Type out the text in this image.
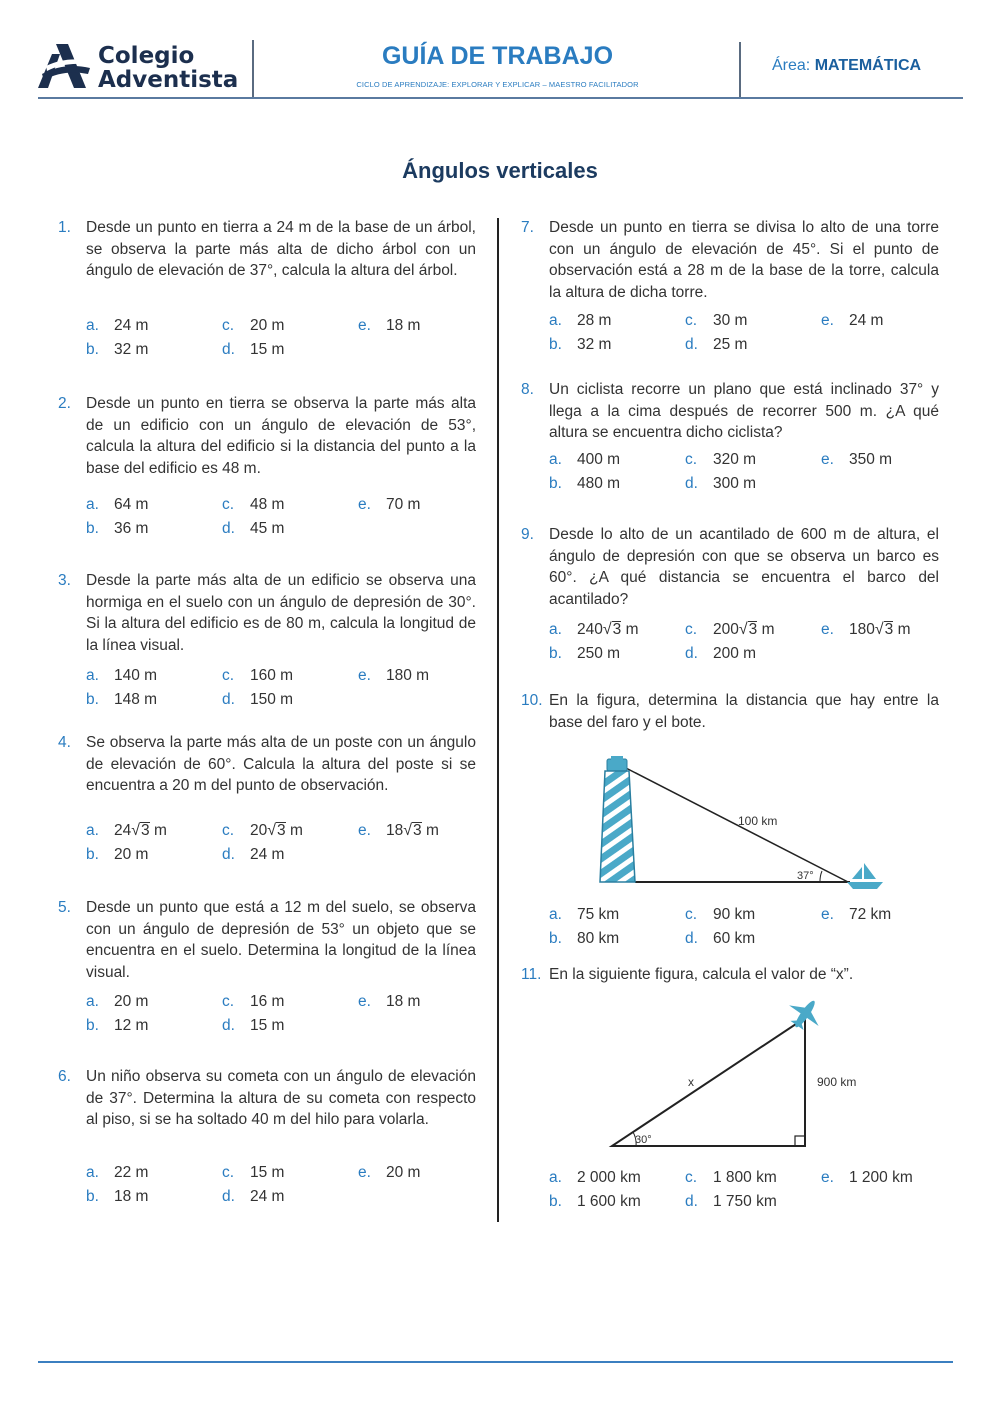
Colegio
Adventista
GUÍA DE TRABAJO
CICLO DE APRENDIZAJE: EXPLORAR Y EXPLICAR – MAESTRO FACILITADOR
Área: MATEMÁTICA
Ángulos verticales
1. Desde un punto en tierra a 24 m de la base de un árbol, se observa la parte más alta de dicho árbol con un ángulo de elevación de 37°, calcula la altura del árbol.
a. 24 m
b. 32 m
c. 20 m
d. 15 m
e. 18 m
2. Desde un punto en tierra se observa la parte más alta de un edificio con un ángulo de elevación de 53°, calcula la altura del edificio si la distancia del punto a la base del edificio es 48 m.
a. 64 m
b. 36 m
c. 48 m
d. 45 m
e. 70 m
3. Desde la parte más alta de un edificio se observa una hormiga en el suelo con un ángulo de depresión de 30°. Si la altura del edificio es de 80 m, calcula la longitud de la línea visual.
a. 140 m
b. 148 m
c. 160 m
d. 150 m
e. 180 m
4. Se observa la parte más alta de un poste con un ángulo de elevación de 60°. Calcula la altura del poste si se encuentra a 20 m del punto de observación.
a. 24√3 m
b. 20 m
c. 20√3 m
d. 24 m
e. 18√3 m
5. Desde un punto que está a 12 m del suelo, se observa con un ángulo de depresión de 53° un objeto que se encuentra en el suelo. Determina la longitud de la línea visual.
a. 20 m
b. 12 m
c. 16 m
d. 15 m
e. 18 m
6. Un niño observa su cometa con un ángulo de elevación de 37°. Determina la altura de su cometa con respecto al piso, si se ha soltado 40 m del hilo para volarla.
a. 22 m
b. 18 m
c. 15 m
d. 24 m
e. 20 m
7. Desde un punto en tierra se divisa lo alto de una torre con un ángulo de elevación de 45°. Si el punto de observación está a 28 m de la base de la torre, calcula la altura de dicha torre.
a. 28 m
b. 32 m
c. 30 m
d. 25 m
e. 24 m
8. Un ciclista recorre un plano que está inclinado 37° y llega a la cima después de recorrer 500 m. ¿A qué altura se encuentra dicho ciclista?
a. 400 m
b. 480 m
c. 320 m
d. 300 m
e. 350 m
9. Desde lo alto de un acantilado de 600 m de altura, el ángulo de depresión con que se observa un barco es 60°. ¿A qué distancia se encuentra el barco del acantilado?
a. 240√3 m
b. 250 m
c. 200√3 m
d. 200 m
e. 180√3 m
10. En la figura, determina la distancia que hay entre la base del faro y el bote.
a. 75 km
b. 80 km
c. 90 km
d. 60 km
e. 72 km
11. En la siguiente figura, calcula el valor de “x”.
a. 2 000 km
b. 1 600 km
c. 1 800 km
d. 1 750 km
e. 1 200 km
100 km
37°
30°
x	900 km
